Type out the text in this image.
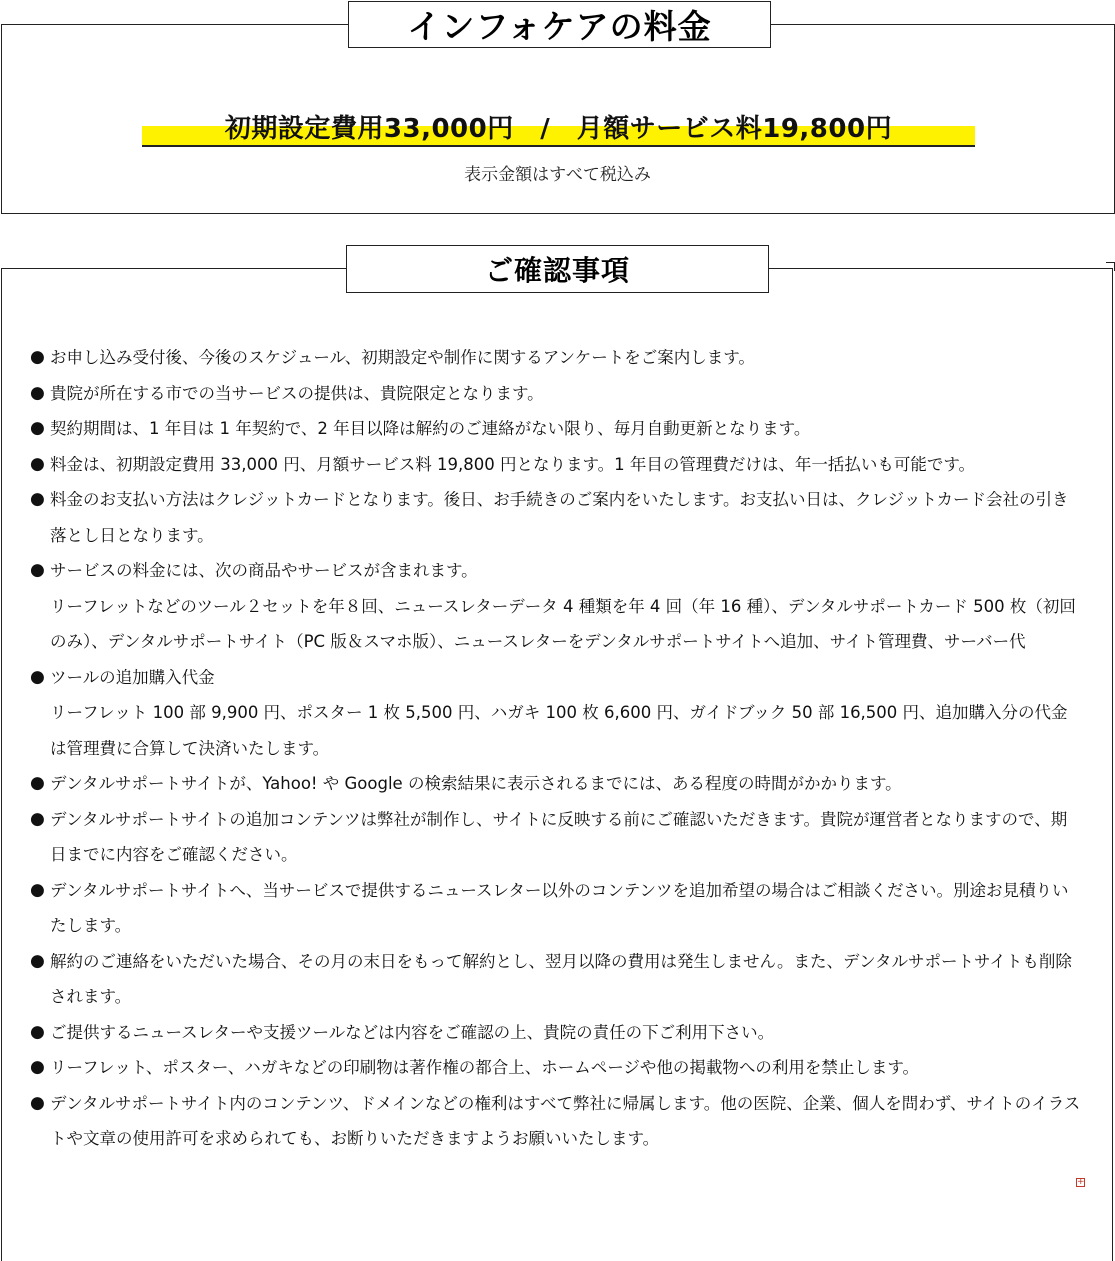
インフォケアの料金
初期設定費用33,000円　/　月額サービス料19,800円
表示金額はすべて税込み
ご確認事項
● お申し込み受付後、今後のスケジュール、初期設定や制作に関するアンケートをご案内します。
● 貴院が所在する市での当サービスの提供は、貴院限定となります。
● 契約期間は、1 年目は 1 年契約で、2 年目以降は解約のご連絡がない限り、毎月自動更新となります。
● 料金は、初期設定費用 33,000 円、月額サービス料 19,800 円となります。1 年目の管理費だけは、年一括払いも可能です。
● 料金のお支払い方法はクレジットカードとなります。後日、お手続きのご案内をいたします。お支払い日は、クレジットカード会社の引き落とし日となります。
● サービスの料金には、次の商品やサービスが含まれます。
リーフレットなどのツール２セットを年８回、ニュースレターデータ 4 種類を年 4 回（年 16 種）、デンタルサポートカード 500 枚（初回のみ）、デンタルサポートサイト（PC 版＆スマホ版）、ニュースレターをデンタルサポートサイトへ追加、サイト管理費、サーバー代
● ツールの追加購入代金
リーフレット 100 部 9,900 円、ポスター 1 枚 5,500 円、ハガキ 100 枚 6,600 円、ガイドブック 50 部 16,500 円、追加購入分の代金は管理費に合算して決済いたします。
● デンタルサポートサイトが、Yahoo! や Google の検索結果に表示されるまでには、ある程度の時間がかかります。
● デンタルサポートサイトの追加コンテンツは弊社が制作し、サイトに反映する前にご確認いただきます。貴院が運営者となりますので、期日までに内容をご確認ください。
● デンタルサポートサイトへ、当サービスで提供するニュースレター以外のコンテンツを追加希望の場合はご相談ください。別途お見積りいたします。
● 解約のご連絡をいただいた場合、その月の末日をもって解約とし、翌月以降の費用は発生しません。また、デンタルサポートサイトも削除されます。
● ご提供するニュースレターや支援ツールなどは内容をご確認の上、貴院の責任の下ご利用下さい。
● リーフレット、ポスター、ハガキなどの印刷物は著作権の都合上、ホームページや他の掲載物への利用を禁止します。
● デンタルサポートサイト内のコンテンツ、ドメインなどの権利はすべて弊社に帰属します。他の医院、企業、個人を問わず、サイトのイラストや文章の使用許可を求められても、お断りいただきますようお願いいたします。
+
